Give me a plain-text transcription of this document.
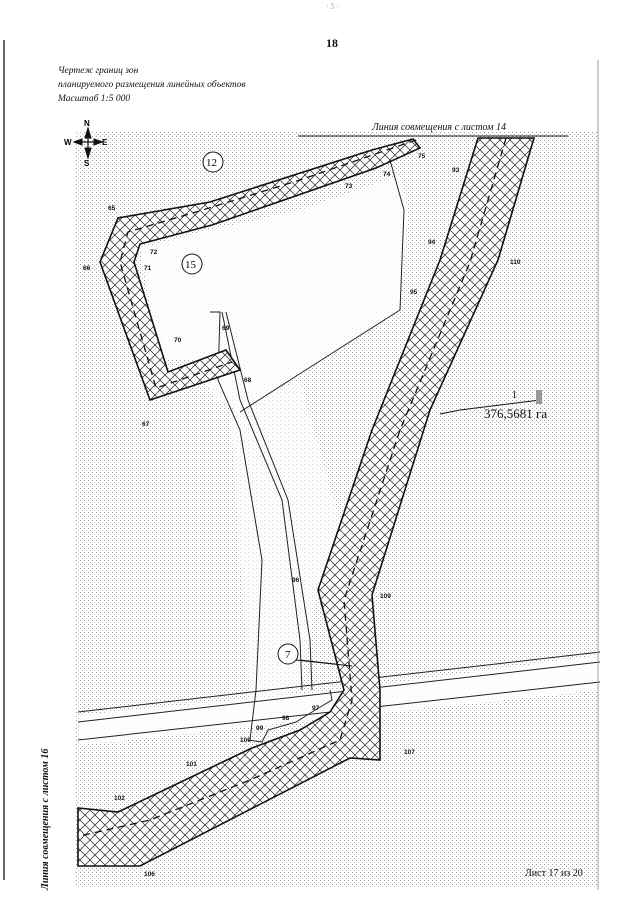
N
S
W	E
12
15
7
1
65
66
67
68
69
70
71
72
73
74
75
93
94
95
96
97
98
99
100
101
102
106
107
109
110
· 5 ·
18
Чертеж границ зон
планируемого размещения линейных объектов
Масштаб 1:5 000
Линия совмещения с листом 14
376,5681 га
Линия совмещения с листом 16	Лист 17 из 20
